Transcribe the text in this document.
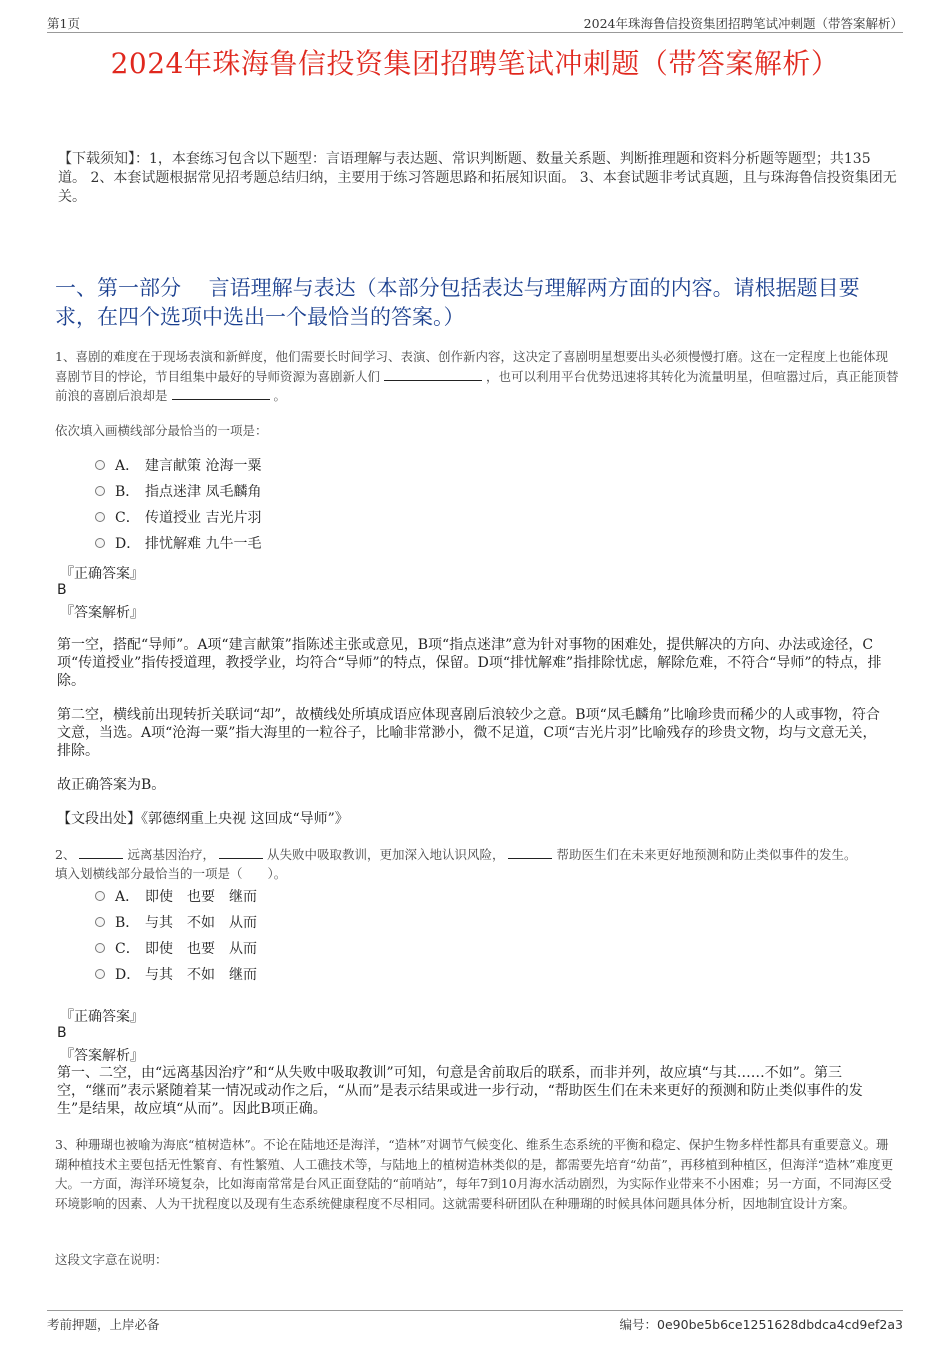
第1页	2024年珠海鲁信投资集团招聘笔试冲刺题（带答案解析）
2024年珠海鲁信投资集团招聘笔试冲刺题（带答案解析）
【下载须知】：1，本套练习包含以下题型：言语理解与表达题、常识判断题、数量关系题、判断推理题和资料分析题等题型；共135道。 2、本套试题根据常见招考题总结归纳，主要用于练习答题思路和拓展知识面。 3、本套试题非考试真题，且与珠海鲁信投资集团无关。
一、第一部分　 言语理解与表达（本部分包括表达与理解两方面的内容。请根据题目要求，在四个选项中选出一个最恰当的答案。）
1、喜剧的难度在于现场表演和新鲜度，他们需要长时间学习、表演、创作新内容，这决定了喜剧明星想要出头必须慢慢打磨。这在一定程度上也能体现喜剧节目的悖论，节目组集中最好的导师资源为喜剧新人们	，也可以利用平台优势迅速将其转化为流量明星，但喧嚣过后，真正能顶替前浪的喜剧后浪却是	。
依次填入画横线部分最恰当的一项是：
A． 建言献策 沧海一粟
B． 指点迷津 凤毛麟角
C． 传道授业 吉光片羽
D． 排忧解难 九牛一毛
『正确答案』
B
『答案解析』
第一空，搭配“导师”。A项“建言献策”指陈述主张或意见，B项“指点迷津”意为针对事物的困难处，提供解决的方向、办法或途径，C项“传道授业”指传授道理，教授学业，均符合“导师”的特点，保留。D项“排忧解难”指排除忧虑，解除危难，不符合“导师”的特点，排除。
第二空，横线前出现转折关联词“却”，故横线处所填成语应体现喜剧后浪较少之意。B项“凤毛麟角”比喻珍贵而稀少的人或事物，符合文意，当选。A项“沧海一粟”指大海里的一粒谷子，比喻非常渺小，微不足道，C项“吉光片羽”比喻残存的珍贵文物，均与文意无关，排除。
故正确答案为B。
【文段出处】《郭德纲重上央视 这回成“导师”》
2、	远离基因治疗，	从失败中吸取教训，更加深入地认识风险，	帮助医生们在未来更好地预测和防止类似事件的发生。
填入划横线部分最恰当的一项是（　　）。
A． 即使　也要　继而
B． 与其　不如　从而
C． 即使　也要　从而
D． 与其　不如　继而
『正确答案』
B
『答案解析』
第一、二空，由“远离基因治疗”和“从失败中吸取教训”可知，句意是舍前取后的联系，而非并列，故应填“与其……不如”。第三空，“继而”表示紧随着某一情况或动作之后，“从而”是表示结果或进一步行动，“帮助医生们在未来更好的预测和防止类似事件的发生”是结果，故应填“从而”。因此B项正确。
3、种珊瑚也被喻为海底“植树造林”。不论在陆地还是海洋，“造林”对调节气候变化、维系生态系统的平衡和稳定、保护生物多样性都具有重要意义。珊瑚种植技术主要包括无性繁育、有性繁殖、人工礁技术等，与陆地上的植树造林类似的是，都需要先培育“幼苗”，再移植到种植区，但海洋“造林”难度更大。一方面，海洋环境复杂，比如海南常常是台风正面登陆的“前哨站”，每年7到10月海水活动剧烈，为实际作业带来不小困难；另一方面，不同海区受环境影响的因素、人为干扰程度以及现有生态系统健康程度不尽相同。这就需要科研团队在种珊瑚的时候具体问题具体分析，因地制宜设计方案。
这段文字意在说明：
考前押题，上岸必备	编号：0e90be5b6ce1251628dbdca4cd9ef2a3
